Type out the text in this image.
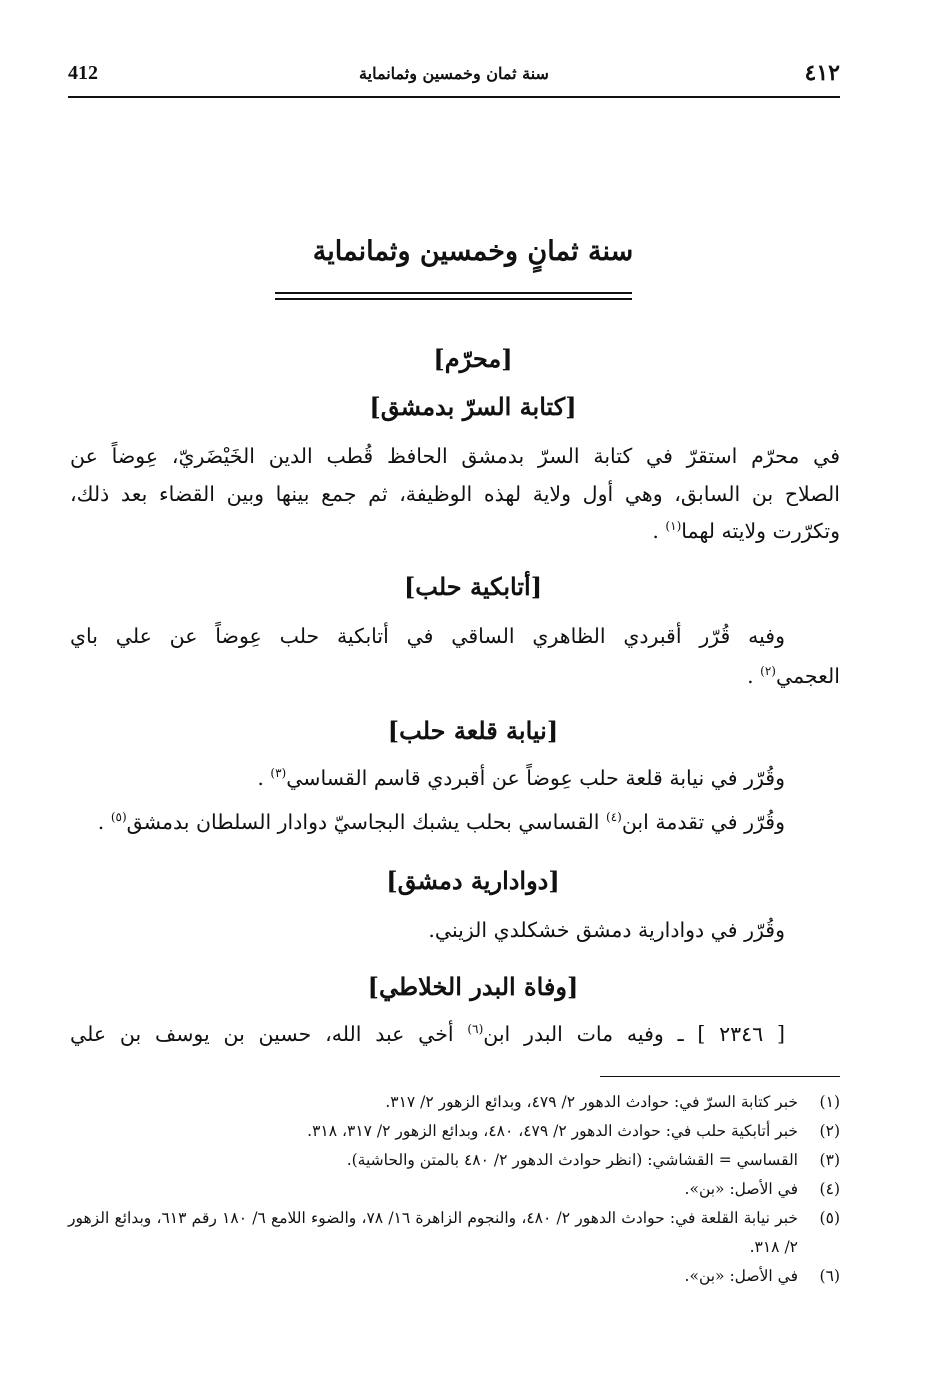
٤١٢
سنة ثمان وخمسين وثمانماية
412
سنة ثمانٍ وخمسين وثمانماية
[محرّم]
[كتابة السرّ بدمشق]
في محرّم استقرّ في كتابة السرّ بدمشق الحافظ قُطب الدين الخَيْضَريّ، عِوضاً عن
الصلاح بن السابق، وهي أول ولاية لهذه الوظيفة، ثم جمع بينها وبين القضاء بعد ذلك،
وتكرّرت ولايته لهما$^{(١)}$ .
[أتابكية حلب]
وفيه قُرّر أقبردي الظاهري الساقي في أتابكية حلب عِوضاً عن علي باي
العجمي$^{(٢)}$ .
[نيابة قلعة حلب]
وقُرّر في نيابة قلعة حلب عِوضاً عن أقبردي قاسم القساسي$^{(٣)}$ .
وقُرّر في تقدمة ابن$^{(٤)}$ القساسي بحلب يشبك البجاسيّ دوادار السلطان بدمشق$^{(٥)}$ .
[دوادارية دمشق]
وقُرّر في دوادارية دمشق خشكلدي الزيني.
[وفاة البدر الخلاطي]
[ ٢٣٤٦ ] ـ وفيه مات البدر ابن$^{(٦)}$ أخي عبد الله، حسين بن يوسف بن علي
(١)
خبر كتابة السرّ في: حوادث الدهور ٢/ ٤٧٩، وبدائع الزهور ٢/ ٣١٧.
(٢)
خبر أتابكية حلب في: حوادث الدهور ٢/ ٤٧٩، ٤٨٠، وبدائع الزهور ٢/ ٣١٧، ٣١٨.
(٣)
القساسي = القشاشي: (انظر حوادث الدهور ٢/ ٤٨٠ بالمتن والحاشية).
(٤)
في الأصل: «بن».
(٥)
خبر نيابة القلعة في: حوادث الدهور ٢/ ٤٨٠، والنجوم الزاهرة ١٦/ ٧٨، والضوء اللامع ٦/ ١٨٠ رقم ٦١٣، وبدائع الزهور ٢/ ٣١٨.
(٦)
في الأصل: «بن».
